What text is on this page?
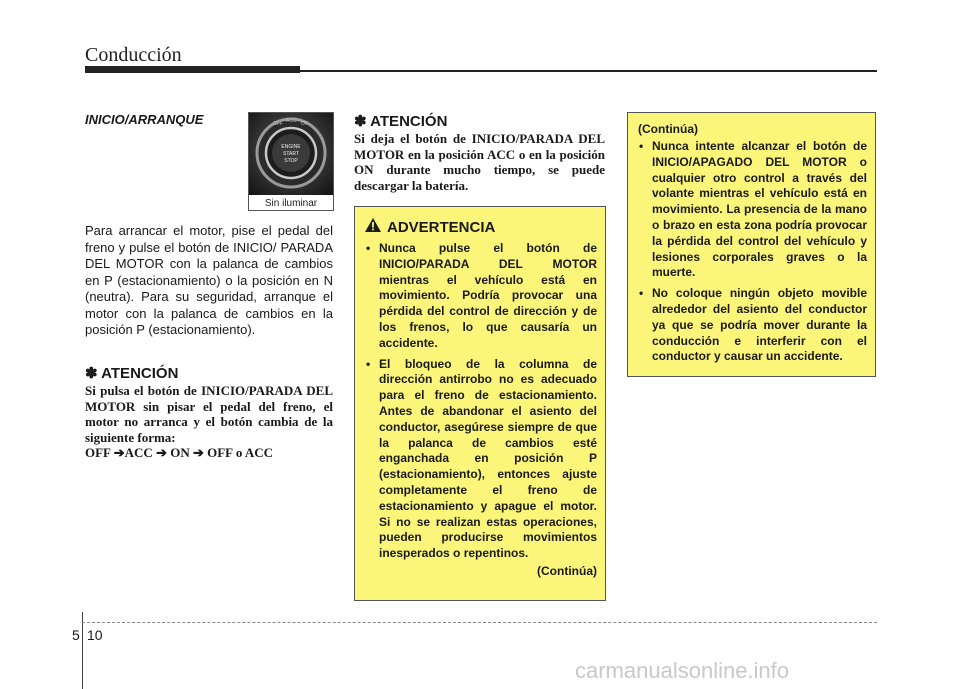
Conducción
INICIO/ARRANQUE	OFF ACC ON
ENGINE
START
STOP
Sin iluminar
Para arrancar el motor, pise el pedal del freno y pulse el botón de INICIO/ PARADA DEL MOTOR con la palanca de cambios en P (estacionamiento) o la posición en N (neutra). Para su seguridad, arranque el motor con la palanca de cambios en la posición P (estacionamiento).
✽ ATENCIÓN
Si pulsa el botón de INICIO/PARADA DEL MOTOR sin pisar el pedal del freno, el motor no arranca y el botón cambia de la siguiente forma:
OFF ➔ACC ➔ ON ➔ OFF o ACC
✽ ATENCIÓN
Si deja el botón de INICIO/PARADA DEL MOTOR en la posición ACC o en la posición ON durante mucho tiempo, se puede descargar la batería.
ADVERTENCIA
• Nunca pulse el botón de INICIO/PARADA DEL MOTOR mientras el vehículo está en movimiento. Podría provocar una pérdida del control de dirección y de los frenos, lo que causaría un accidente.
• El bloqueo de la columna de dirección antirrobo no es adecuado para el freno de estacionamiento. Antes de abandonar el asiento del conductor, asegúrese siempre de que la palanca de cambios esté enganchada en posición P (estacionamiento), entonces ajuste completamente el freno de estacionamiento y apague el motor. Si no se realizan estas operaciones, pueden producirse movimientos inesperados o repentinos.
(Continúa)
(Continúa)
• Nunca intente alcanzar el botón de INICIO/APAGADO DEL MOTOR o cualquier otro control a través del volante mientras el vehículo está en movimiento. La presencia de la mano o brazo en esta zona podría provocar la pérdida del control del vehículo y lesiones corporales graves o la muerte.
• No coloque ningún objeto movible alrededor del asiento del conductor ya que se podría mover durante la conducción e interferir con el conductor y causar un accidente.
5 10
carmanualsonline.info
